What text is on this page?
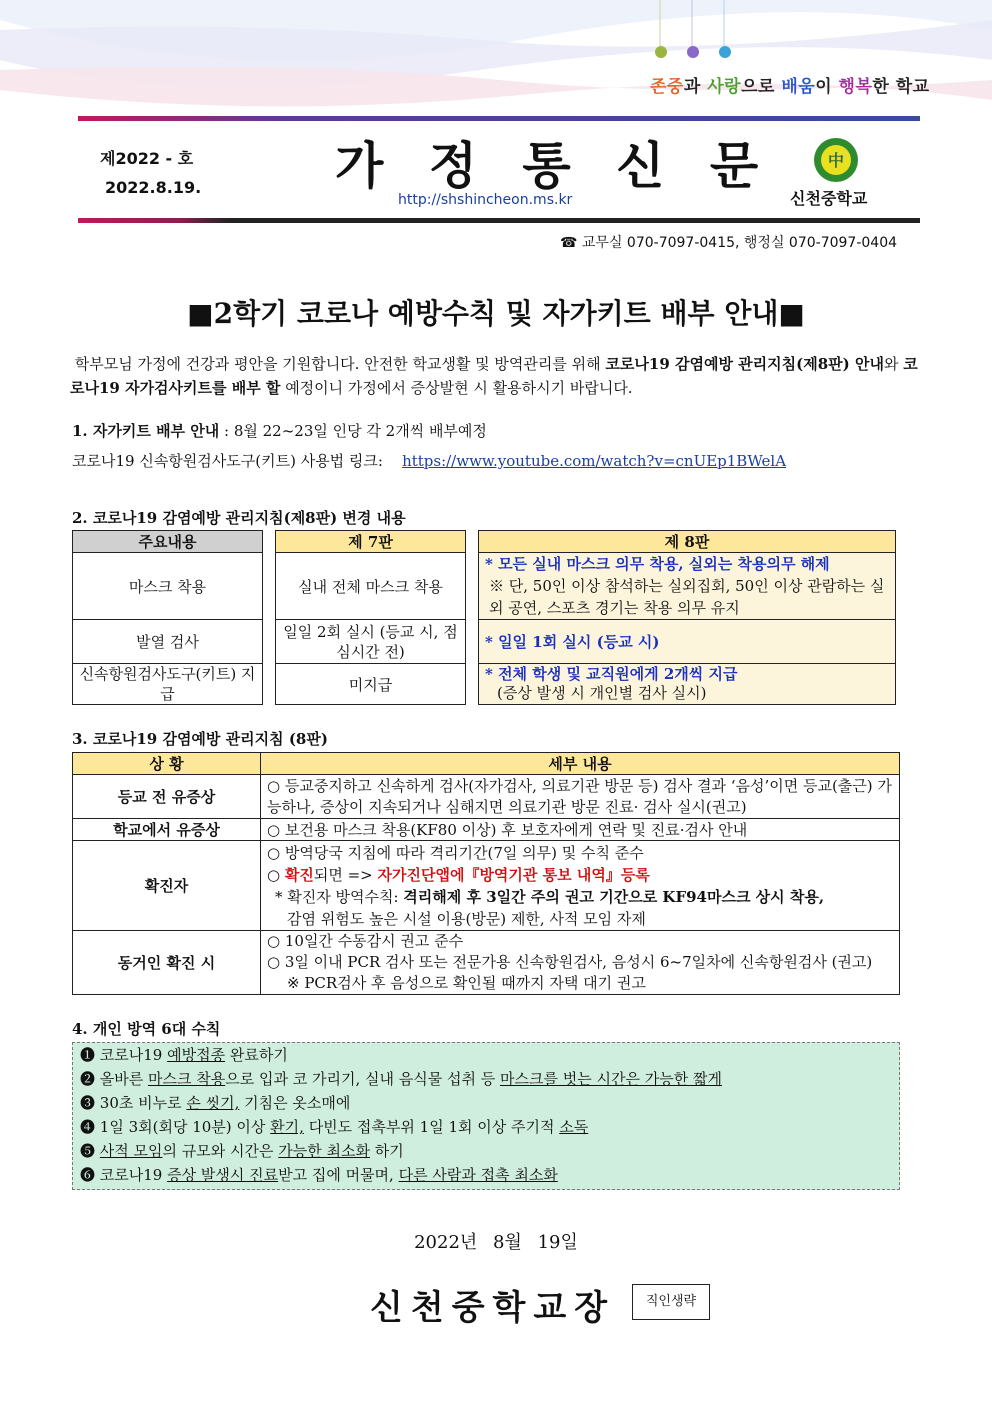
존중과 사랑으로 배움이 행복한 학교
제2022 - 호
2022.8.19.	가 정 통 신 문
http://shshincheon.ms.kr
中
신천중학교
☎ 교무실 070-7097-0415, 행정실 070-7097-0404
■2학기 코로나 예방수칙 및 자가키트 배부 안내■
학부모님 가정에 건강과 평안을 기원합니다. 안전한 학교생활 및 방역관리를 위해 코로나19 감염예방 관리지침(제8판) 안내와 코로나19 자가검사키트를 배부 할 예정이니 가정에서 증상발현 시 활용하시기 바랍니다.
1. 자가키트 배부 안내 : 8월 22~23일 인당 각 2개씩 배부예정
코로나19 신속항원검사도구(키트) 사용법 링크: https://www.youtube.com/watch?v=cnUEp1BWelA
2. 코로나19 감염예방 관리지침(제8판) 변경 내용
주요내용		제 7판		제 8판
마스크 착용		실내 전체 마스크 착용		* 모든 실내 마스크 의무 착용, 실외는 착용의무 해제
※ 단, 50인 이상 참석하는 실외집회, 50인 이상 관람하는 실외 공연, 스포츠 경기는 착용 의무 유지

발열 검사		일일 2회 실시 (등교 시, 점심시간 전)		* 일일 1회 실시 (등교 시)
신속항원검사도구(키트) 지급		미지급		* 전체 학생 및 교직원에게 2개씩 지급
(증상 발생 시 개인별 검사 실시)
3. 코로나19 감염예방 관리지침 (8판)
상 황	세부 내용
등교 전 유증상	○ 등교중지하고 신속하게 검사(자가검사, 의료기관 방문 등) 검사 결과 ‘음성’이면 등교(출근) 가능하나, 증상이 지속되거나 심해지면 의료기관 방문 진료· 검사 실시(권고)
학교에서 유증상	○ 보건용 마스크 착용(KF80 이상) 후 보호자에게 연락 및 진료·검사 안내
확진자	○ 방역당국 지침에 따라 격리기간(7일 의무) 및 수칙 준수
○ 확진되면 => 자가진단앱에『방역기관 통보 내역』등록
* 확진자 방역수칙: 격리해제 후 3일간 주의 권고 기간으로 KF94마스크 상시 착용,
감염 위험도 높은 시설 이용(방문) 제한, 사적 모임 자제

동거인 확진 시	○ 10일간 수동감시 권고 준수
○ 3일 이내 PCR 검사 또는 전문가용 신속항원검사, 음성시 6~7일차에 신속항원검사 (권고)
※ PCR검사 후 음성으로 확인될 때까지 자택 대기 권고
4. 개인 방역 6대 수칙
❶ 코로나19 예방접종 완료하기
❷ 올바른 마스크 착용으로 입과 코 가리기, 실내 음식물 섭취 등 마스크를 벗는 시간은 가능한 짧게
❸ 30초 비누로 손 씻기, 기침은 옷소매에
❹ 1일 3회(회당 10분) 이상 환기, 다빈도 접촉부위 1일 1회 이상 주기적 소독
❺ 사적 모임의 규모와 시간은 가능한 최소화 하기
❻ 코로나19 증상 발생시 진료받고 집에 머물며, 다른 사람과 접촉 최소화
2022년 8월 19일
신천중학교장	직인생략
